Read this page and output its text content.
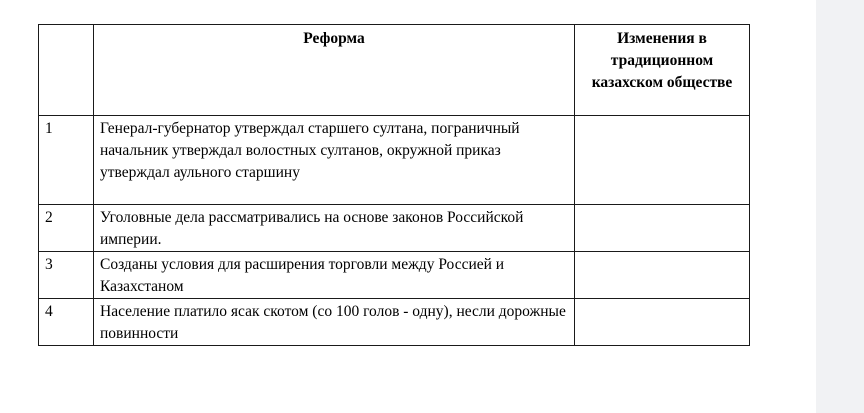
	Реформа	Изменения в традиционном казахском обществе
1	Генерал-губернатор утверждал старшего султана, пограничный начальник утверждал волостных султанов, окружной приказ утверждал аульного старшину	
2	Уголовные дела рассматривались на основе законов Российской империи.	
3	Созданы условия для расширения торговли между Россией и Казахстаном	
4	Население платило ясак скотом (со 100 голов - одну), несли дорожные повинности	
